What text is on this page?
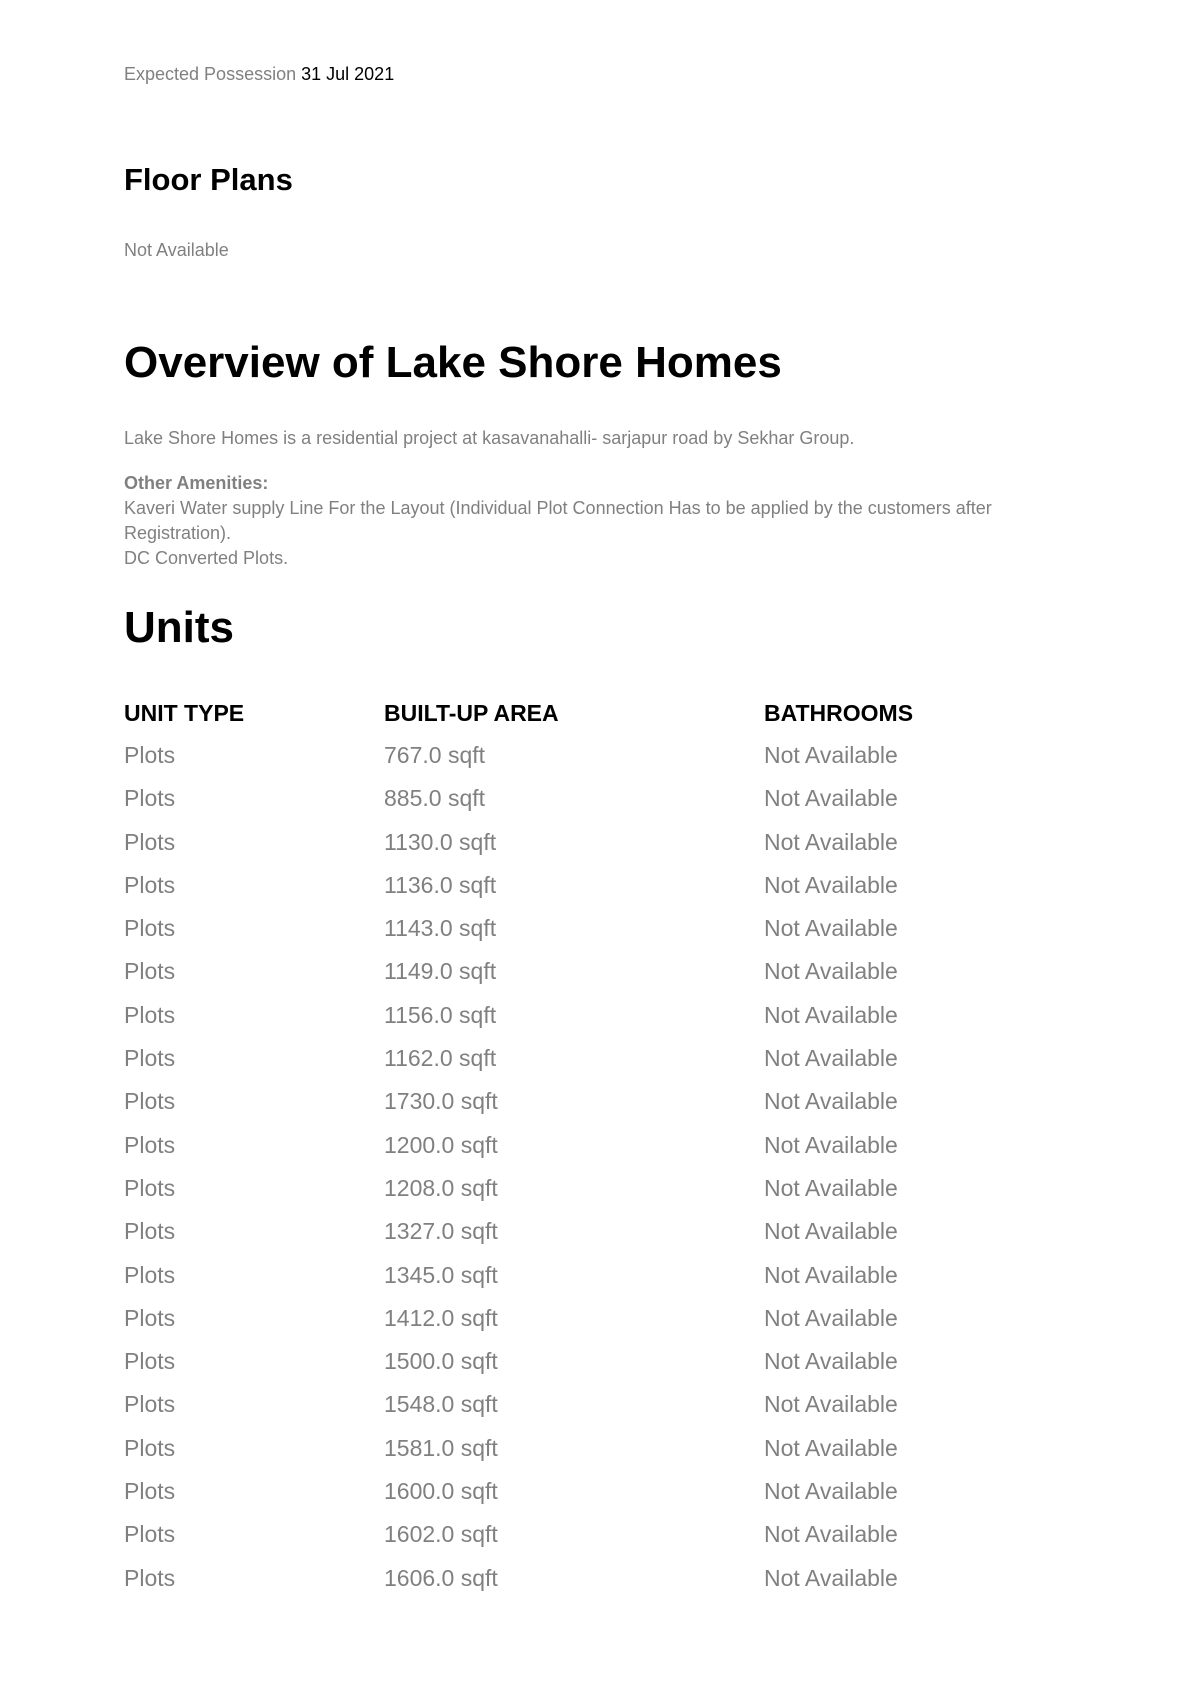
Expected Possession 31 Jul 2021
Floor Plans
Not Available
Overview of Lake Shore Homes
Lake Shore Homes is a residential project at kasavanahalli- sarjapur road by Sekhar Group.
Other Amenities:
Kaveri Water supply Line For the Layout (Individual Plot Connection Has to be applied by the customers after Registration).
DC Converted Plots.
Units
UNIT TYPE	BUILT-UP AREA	BATHROOMS
Plots	767.0 sqft	Not Available
Plots	885.0 sqft	Not Available
Plots	1130.0 sqft	Not Available
Plots	1136.0 sqft	Not Available
Plots	1143.0 sqft	Not Available
Plots	1149.0 sqft	Not Available
Plots	1156.0 sqft	Not Available
Plots	1162.0 sqft	Not Available
Plots	1730.0 sqft	Not Available
Plots	1200.0 sqft	Not Available
Plots	1208.0 sqft	Not Available
Plots	1327.0 sqft	Not Available
Plots	1345.0 sqft	Not Available
Plots	1412.0 sqft	Not Available
Plots	1500.0 sqft	Not Available
Plots	1548.0 sqft	Not Available
Plots	1581.0 sqft	Not Available
Plots	1600.0 sqft	Not Available
Plots	1602.0 sqft	Not Available
Plots	1606.0 sqft	Not Available
